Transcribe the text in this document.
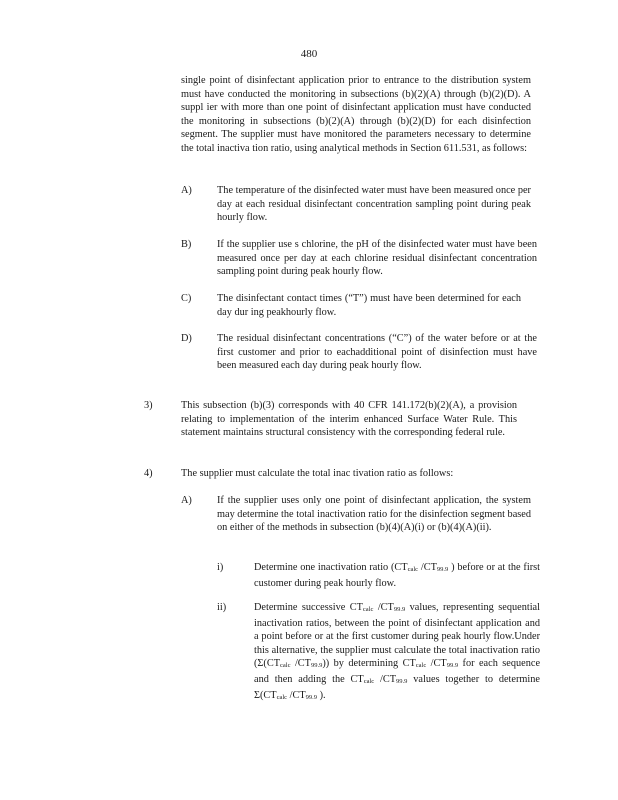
480

single point of disinfectant application prior to entrance to the distribution system must have conducted the monitoring in subsections (b)(2)(A) through (b)(2)(D). A suppl ier with more than one point of disinfectant application must have conducted the monitoring in subsections (b)(2)(A) through (b)(2)(D) for each disinfection segment. The supplier must have monitored the parameters necessary to determine the total inactiva tion ratio, using analytical methods in Section 611.531, as follows:

A) The temperature of the disinfected water must have been measured once per day at each residual disinfectant concentration sampling point during peak hourly flow.

B) If the supplier use s chlorine, the pH of the disinfected water must have been measured once per day at each chlorine residual disinfectant concentration sampling point during peak hourly flow.

C) The disinfectant contact times (“T”) must have been determined for each day dur ing peakhourly flow.

D) The residual disinfectant concentrations (“C”) of the water before or at the first customer and prior to eachadditional point of disinfection must have been measured each day during peak hourly flow.

3)	This subsection (b)(3) corresponds with 40 CFR 141.172(b)(2)(A), a provision relating to implementation of the interim enhanced Surface Water Rule. This statement maintains structural consistency with the corresponding federal rule.

4)	The supplier must calculate the total inac tivation ratio as follows:

A) If the supplier uses only one point of disinfectant application, the system may determine the total inactivation ratio for the disinfection segment based on either of the methods in subsection (b)(4)(A)(i) or (b)(4)(A)(ii).

i)	Determine one inactivation ratio (CTcalc /CT99.9 ) before or at the first customer during peak hourly flow.

ii)	Determine successive CTcalc /CT99.9 values, representing sequential inactivation ratios, between the point of disinfectant application and a point before or at the first customer during peak hourly flow.Under this alternative, the supplier must calculate the total inactivation ratio (Σ(CTcalc /CT99.9)) by determining CTcalc /CT99.9 for each sequence and then adding the CTcalc /CT99.9 values together to determine Σ(CTcalc /CT99.9 ).
